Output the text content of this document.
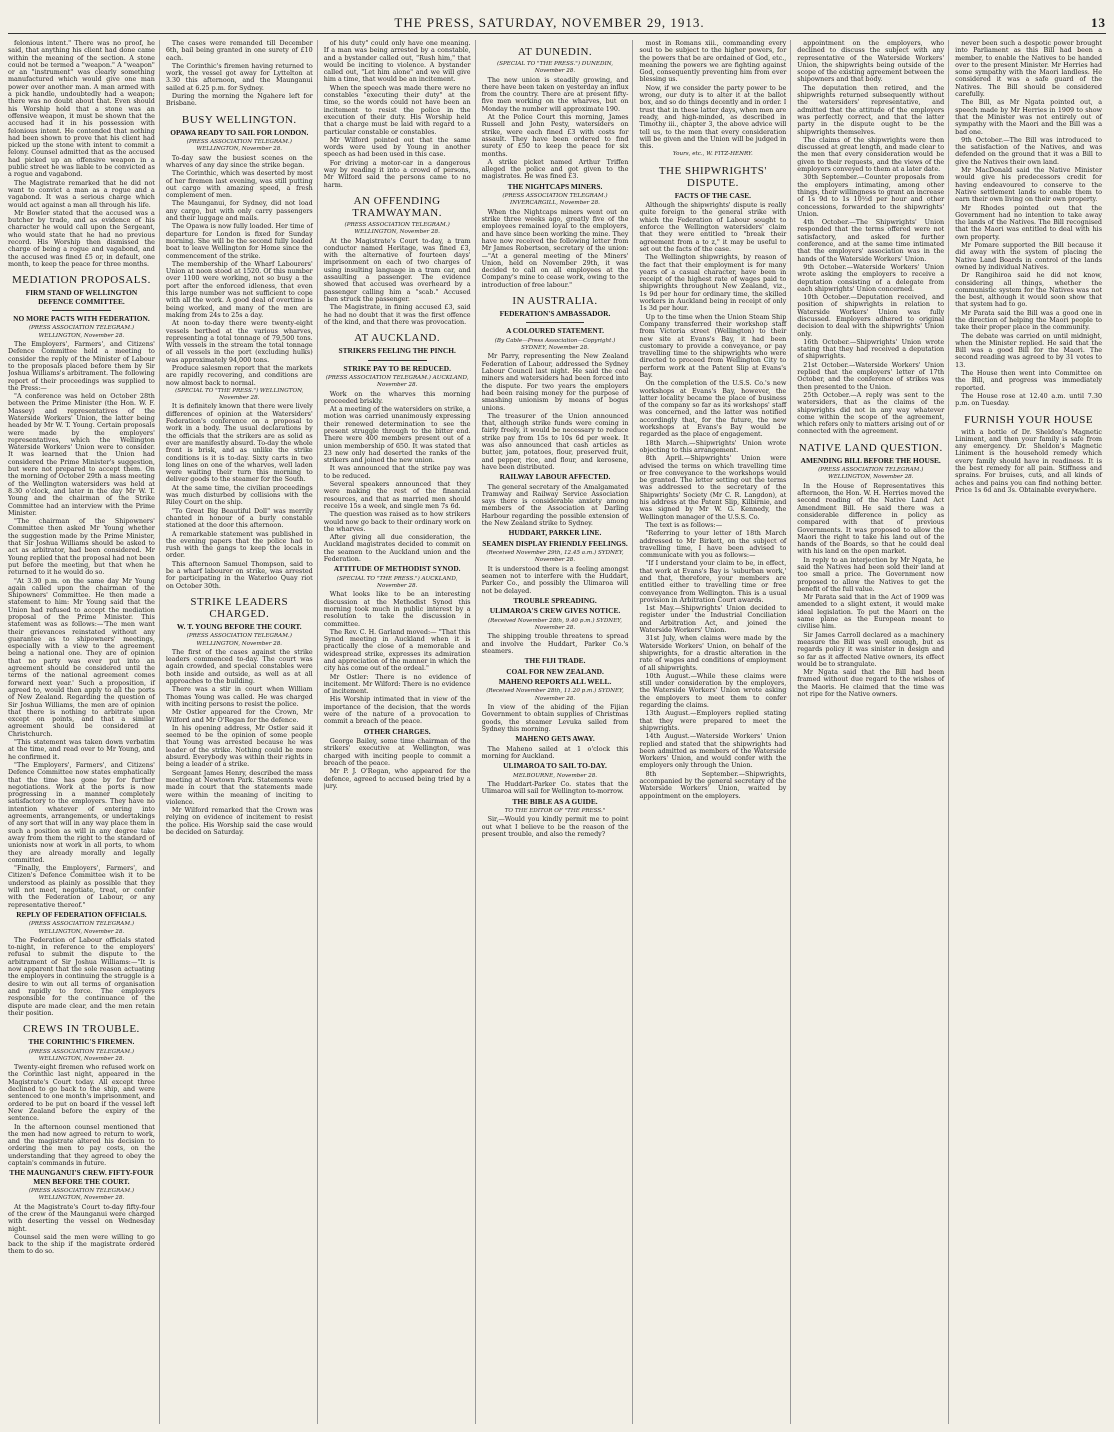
THE PRESS, SATURDAY, NOVEMBER 29, 1913.	13

felonious intent." There was no proof, he said, that anything his client had done came within the meaning of the section. A stone could not be termed a "weapon." A "weapon" or an "instrument" was clearly something manufactured which would give one man power over another man. A man armed with a pick handle, undoubtedly had a weapon; there was no doubt about that. Even should his Worship hold that a stone was an offensive weapon, it must be shown that the accused had it in his possession with felonious intent. He contended that nothing had been shown to prove that his client had picked up the stone with intent to commit a felony. Counsel admitted that as the accused had picked up an offensive weapon in a public street he was liable to be convicted as a rogue and vagabond.

The Magistrate remarked that he did not want to convict a man as a rogue and a vagabond. It was a serious charge which would act against a man all through his life.

Mr Bowler stated that the accused was a butcher by trade, and as evidence of his character he would call upon the Sergeant, who would state that he had no previous record. His Worship then dismissed the charge of being a rogue and vagabond, and the accused was fined £5 or, in default, one month, to keep the peace for three months.

MEDIATION PROPOSALS.
FIRM STAND OF WELLINGTON DEFENCE COMMITTEE.
NO MORE PACTS WITH FEDERATION.
(PRESS ASSOCIATION TELEGRAM.) WELLINGTON, November 28.

The Employers', Farmers', and Citizens' Defence Committee held a meeting to consider the reply of the Minister of Labour to the proposals placed before them by Sir Joshua Williams's arbitrament. The following report of their proceedings was supplied to the Press:—

"A conference was held on October 28th between the Prime Minister (the Hon. W. F. Massey) and representatives of the Waterside Workers' Union, the latter being headed by Mr W. T. Young. Certain proposals were made by the employers' representatives, which the Wellington Waterside Workers' Union were to consider. It was learned that the Union had considered the Prime Minister's suggestion, but were not prepared to accept them. On the morning of October 29th a mass meeting of the Wellington watersiders was held at 8.30 o'clock, and later in the day Mr W. T. Young and the chairman of the Strike Committee had an interview with the Prime Minister.

"The chairman of the Shipowners' Committee then asked Mr Young whether the suggestion made by the Prime Minister, that Sir Joshua Williams should be asked to act as arbitrator, had been considered. Mr Young replied that the proposal had not been put before the meeting, but that when he returned to it he would do so.

"At 3.30 p.m. on the same day Mr Young again called upon the chairman of the Shipowners' Committee. He then made a statement to him: Mr Young said that the Union had refused to accept the mediation proposal of the Prime Minister. This statement was as follows:—'The men want their grievances reinstated without any guarantee as to shipowners' meetings, especially with a view to the agreement being a national one. They are of opinion that no party was ever put into an agreement should be considered until the terms of the national agreement comes forward next year.' Such a proposition, if agreed to, would then apply to all the ports of New Zealand. Regarding the question of Sir Joshua Williams, the men are of opinion that there is nothing to arbitrate upon except on points, and that a similar agreement should be considered at Christchurch.

"This statement was taken down verbatim at the time, and read over to Mr Young, and he confirmed it.

"The Employers', Farmers', and Citizens' Defence Committee now states emphatically that the time has gone by for further negotiations. Work at the ports is now progressing in a manner completely satisfactory to the employers. They have no intention whatever of entering into agreements, arrangements, or undertakings of any sort that will in any way place them in such a position as will in any degree take away from them the right to the standard of unionists now at work in all ports, to whom they are already morally and legally committed.

"Finally, the Employers', Farmers', and Citizen's Defence Committee wish it to be understood as plainly as possible that they will not meet, negotiate, treat, or confer with the Federation of Labour, or any representative thereof."

REPLY OF FEDERATION OFFICIALS.
(PRESS ASSOCIATION TELEGRAM.) WELLINGTON, November 28.

The Federation of Labour officials stated to-night, in reference to the employers' refusal to submit the dispute to the arbitrament of Sir Joshua Williams:—"It is now apparent that the sole reason actuating the employers in continuing the struggle is a desire to win out all terms of organisation and rapidly to force. The employers responsible for the continuance of the dispute are made clear, and the men retain their position.

CREWS IN TROUBLE.
THE CORINTHIC'S FIREMEN.
(PRESS ASSOCIATION TELEGRAM.) WELLINGTON, November 28.

Twenty-eight firemen who refused work on the Corinthic last night, appeared in the Magistrate's Court today. All except three declined to go back to the ship, and were sentenced to one month's imprisonment, and ordered to be put on board if the vessel left New Zealand before the expiry of the sentence.

In the afternoon counsel mentioned that the men had now agreed to return to work, and the magistrate altered his decision to ordering the men to pay costs, on the understanding that they agreed to obey the captain's commands in future.

THE MAUNGANUI'S CREW. FIFTY-FOUR MEN BEFORE THE COURT.
(PRESS ASSOCIATION TELEGRAM.) WELLINGTON, November 28.

At the Magistrate's Court to-day fifty-four of the crew of the Maunganui were charged with deserting the vessel on Wednesday night.

Counsel said the men were willing to go back to the ship if the magistrate ordered them to do so.

The cases were remanded till December 6th, bail being granted in one surety of £10 each.

The Corinthic's firemen having returned to work, the vessel got away for Lyttelton at 3.30 this afternoon, and the Maunganui sailed at 6.25 p.m. for Sydney.

During the morning the Ngahere left for Brisbane.

BUSY WELLINGTON.
OPAWA READY TO SAIL FOR LONDON.
(PRESS ASSOCIATION TELEGRAM.) WELLINGTON, November 28.

To-day saw the busiest scenes on the wharves of any day since the strike began.

The Corinthic, which was deserted by most of her firemen last evening, was still putting out cargo with amazing speed, a fresh complement of men.

The Maunganui, for Sydney, did not load any cargo, but with only carry passengers and their luggage and mails.

The Opawa is now fully loaded. Her time of departure for London is fixed for Sunday morning. She will be the second fully loaded boat to leave Wellington for Home since the commencement of the strike.

The membership of the Wharf Labourers' Union at noon stood at 1520. Of this number over 1100 were working, not so busy a the port after the enforced idleness, that even this large number was not sufficient to cope with all the work. A good deal of overtime is being worked, and many of the men are making from 24s to 25s a day.

At noon to-day there were twenty-eight vessels berthed at the various wharves, representing a total tonnage of 79,500 tons. With vessels in the stream the total tonnage of all vessels in the port (excluding hulks) was approximately 94,000 tons.

Produce salesmen report that the markets are rapidly recovering, and conditions are now almost back to normal.

(SPECIAL TO "THE PRESS.") WELLINGTON, November 28.

It is definitely known that there were lively differences of opinion at the Watersiders' Federation's conference on a proposal to work in a body. The usual declarations by the officials that the strikers are as solid as ever are manifestly absurd. To-day the whole front is brisk, and as unlike the strike conditions is it is to-day. Sixty carts in two long lines on one of the wharves, well laden were waiting their turn this morning to deliver goods to the steamer for the South.

At the same time, the civilian proceedings was much disturbed by collisions with the Riley Court on the ship.

"To Great Big Beautiful Doll" was merrily chanted in honour of a burly constable stationed at the door this afternoon.

A remarkable statement was published in the evening papers that the police had to rush with the gangs to keep the locals in order.

This afternoon Samuel Thompson, said to be a wharf labourer on strike, was arrested for participating in the Waterloo Quay riot on October 30th.

STRIKE LEADERS CHARGED.
W. T. YOUNG BEFORE THE COURT.
(PRESS ASSOCIATION TELEGRAM.) WELLINGTON, November 28.

The first of the cases against the strike leaders commenced to-day. The court was again crowded, and special constables were both inside and outside, as well as at all approaches to the building.

There was a stir in court when William Thomas Young was called. He was charged with inciting persons to resist the police.

Mr Ostler appeared for the Crown, Mr Wilford and Mr O'Regan for the defence.

In his opening address, Mr Ostler said it seemed to be the opinion of some people that Young was arrested because he was leader of the strike. Nothing could be more absurd. Everybody was within their rights in being a leader of a strike.

Sergeant James Henry, described the mass meeting at Newtown Park. Statements were made in court that the statements made were within the meaning of inciting to violence.

Mr Wilford remarked that the Crown was relying on evidence of incitement to resist the police. His Worship said the case would be decided on Saturday.

of his duty" could only have one meaning. If a man was being arrested by a constable, and a bystander called out, "Rush him," that would be inciting to violence. A bystander called out, "Let him alone" and we will give him a time, that would be an incitement.

When the speech was made there were no constables "executing their duty" at the time, so the words could not have been an incitement to resist the police in the execution of their duty. His Worship held that a charge must be laid with regard to a particular constable or constables.

Mr Wilford pointed out that the same words were used by Young in another speech as had been used in this case.

For driving a motor-car in a dangerous way by reading it into a crowd of persons, Mr Wilford said the persons came to no harm.

AN OFFENDING TRAMWAYMAN.
(PRESS ASSOCIATION TELEGRAM.) WELLINGTON, November 28.

At the Magistrate's Court to-day, a tram conductor named Heritage, was fined £3, with the alternative of fourteen days' imprisonment on each of two charges of using insulting language in a tram car, and assaulting a passenger. The evidence showed that accused was overheard by a passenger calling him a "scab." Accused then struck the passenger.

The Magistrate, in fining accused £3, said he had no doubt that it was the first offence of the kind, and that there was provocation.

AT AUCKLAND.
STRIKERS FEELING THE PINCH.
STRIKE PAY TO BE REDUCED.
(PRESS ASSOCIATION TELEGRAM.) AUCKLAND, November 28.

Work on the wharves this morning proceeded briskly.

At a meeting of the watersiders on strike, a motion was carried unanimously expressing their renewed determination to see the present struggle through to the bitter end. There were 400 members present out of a union membership of 650. It was stated that 23 new only had deserted the ranks of the strikers and joined the new union.

It was announced that the strike pay was to be reduced.

Several speakers announced that they were making the rest of the financial resources, and that as married men should receive 15s a week, and single men 7s 6d.

The question was raised as to how strikers would now go back to their ordinary work on the wharves.

After giving all due consideration, the Auckland magistrates decided to commit on the seamen to the Auckland union and the Federation.

ATTITUDE OF METHODIST SYNOD.
(SPECIAL TO "THE PRESS.") AUCKLAND, November 28.

What looks like to be an interesting discussion at the Methodist Synod this morning took much in public interest by a resolution to take the discussion in committee.

The Rev. C. H. Garland moved:— "That this Synod meeting in Auckland when it is practically the close of a memorable and widespread strike, expresses its admiration and appreciation of the manner in which the city has come out of the ordeal."

Mr Ostler: There is no evidence of incitement. Mr Wilford: There is no evidence of incitement.

His Worship intimated that in view of the importance of the decision, that the words were of the nature of a provocation to commit a breach of the peace.

OTHER CHARGES.

George Bailey, some time chairman of the strikers' executive at Wellington, was charged with inciting people to commit a breach of the peace.

Mr P. J. O'Regan, who appeared for the defence, agreed to accused being tried by a jury.

AT DUNEDIN.
(SPECIAL TO "THE PRESS.") DUNEDIN, November 28.

The new union is steadily growing, and there have been taken on yesterday an influx from the country. There are at present fifty-five men working on the wharves, but on Monday the number will approximate 190.

At the Police Court this morning, James Russell and John Pesty, watersiders on strike, were each fined £3 with costs for assault. They have been ordered to find surety of £50 to keep the peace for six months.

A strike picket named Arthur Triffen alleged the police and got given to the magistrates. He was fined £3.

THE NIGHTCAPS MINERS.
(PRESS ASSOCIATION TELEGRAM.) INVERCARGILL, November 28.

When the Nightcaps miners went out on strike three weeks ago, greatly five of the employees remained loyal to the employers, and have since been working the mine. They have now received the following letter from Mr James Robertson, secretary of the union:—"At a general meeting of the Miners' Union, held on November 29th, it was decided to call on all employees at the Company's mine to cease work, owing to the introduction of free labour."

IN AUSTRALIA.
FEDERATION'S AMBASSADOR.
A COLOURED STATEMENT.
(By Cable—Press Association—Copyright.) SYDNEY, November 28.

Mr Parry, representing the New Zealand Federation of Labour, addressed the Sydney Labour Council last night. He said the coal miners and watersiders had been forced into the dispute. For two years the employers had been raising money for the purpose of smashing unionism by means of bogus unions.

The treasurer of the Union announced that, although strike funds were coming in fairly freely, it would be necessary to reduce strike pay from 15s to 10s 6d per week. It was also announced that cash articles as butter, jam, potatoes, flour, preserved fruit, and pepper, rice, and flour, and kerosene, have been distributed.

RAILWAY LABOUR AFFECTED.

The general secretary of the Amalgamated Tramway and Railway Service Association says there is considerable anxiety among members of the Association at Darling Harbour regarding the possible extension of the New Zealand strike to Sydney.

HUDDART, PARKER LINE.
SEAMEN DISPLAY FRIENDLY FEELINGS.
(Received November 29th, 12.45 a.m.) SYDNEY, November 28.

It is understood there is a feeling amongst seamen not to interfere with the Huddart, Parker Co., and possibly the Ulimaroa will not be delayed.

TROUBLE SPREADING.
ULIMAROA'S CREW GIVES NOTICE.
(Received November 28th, 9.40 p.m.) SYDNEY, November 28.

The shipping trouble threatens to spread and involve the Huddart, Parker Co.'s steamers.

THE FIJI TRADE.
COAL FOR NEW ZEALAND.
MAHENO REPORTS ALL WELL.
(Received November 28th, 11.20 p.m.) SYDNEY, November 28.

In view of the abiding of the Fijian Government to obtain supplies of Christmas goods, the steamer Levuka sailed from Sydney this morning.

MAHENO GETS AWAY.

The Maheno sailed at 1 o'clock this morning for Auckland.

ULIMAROA TO SAIL TO-DAY.
MELBOURNE, November 28.

The Huddart-Parker Co. states that the Ulimaroa will sail for Wellington to-morrow.

THE BIBLE AS A GUIDE.
TO THE EDITOR OF "THE PRESS."

Sir,—Would you kindly permit me to point out what I believe to be the reason of the present trouble, and also the remedy?

most in Romans xiii., commanding every soul to be subject to the higher powers, for the powers that be are ordained of God, etc., meaning the powers we are fighting against God, consequently preventing him from ever blessing us.

Now, if we consider the party power to be wrong, our duty is to alter it at the ballot box, and so do things decently and in order. I trust that in these latter days, when men are ready, and high-minded, as described in Timothy iii., chapter 3, the above advice will tell us, to the men that every consideration will be given and the Union will be judged in this.

Yours, etc., W. FITZ-HENRY.
THE SHIPWRIGHTS' DISPUTE.
FACTS OF THE CASE.

Although the shipwrights' dispute is really quite foreign to the general strike with which the Federation of Labour sought to enforce the Wellington watersiders' claim that they were entitled to "break their agreement from a to z," it may be useful to set out the facts of the case.

The Wellington shipwrights, by reason of the fact that their employment is for many years of a casual character, have been in receipt of the highest rate of wages paid to shipwrights throughout New Zealand, viz., 1s 9d per hour for ordinary time, the skilled workers in Auckland being in receipt of only 1s 3d per hour.

Up to the time when the Union Steam Ship Company transferred their workshop staff from Victoria street (Wellington) to their new site at Evans's Bay, it had been customary to provide a conveyance, or pay travelling time to the shipwrights who were directed to proceed from Wellington City to perform work at the Patent Slip at Evans's Bay.

On the completion of the U.S.S. Co.'s new workshops at Evans's Bay, however, the latter locality became the place of business of the company so far as its workshops' staff was concerned, and the latter was notified accordingly that, for the future, the new workshops at Evans's Bay would be regarded as the place of engagement.

18th March.—Shipwrights' Union wrote objecting to this arrangement.

8th April.—Shipwrights' Union were advised the terms on which travelling time or free conveyance to the workshops would be granted. The letter setting out the terms was addressed to the secretary of the Shipwrights' Society (Mr C. R. Langdon), at his address at the Patent Slip, Kilbirnie, and was signed by Mr W. G. Kennedy, the Wellington manager of the U.S.S. Co.

The text is as follows:—

"Referring to your letter of 18th March addressed to Mr Birkett, on the subject of travelling time, I have been advised to communicate with you as follows:—

"If I understand your claim to be, in effect, that work at Evans's Bay is 'suburban work,' and that, therefore, your members are entitled either to travelling time or free conveyance from Wellington. This is a usual provision in Arbitration Court awards.

1st May.—Shipwrights' Union decided to register under the Industrial Conciliation and Arbitration Act, and joined the Waterside Workers' Union.

31st July, when claims were made by the Waterside Workers' Union, on behalf of the shipwrights, for a drastic alteration in the rate of wages and conditions of employment of all shipwrights.

10th August.—While these claims were still under consideration by the employers, the Waterside Workers' Union wrote asking the employers to meet them to confer regarding the claims.

13th August.—Employers replied stating that they were prepared to meet the shipwrights.

14th August.—Waterside Workers' Union replied and stated that the shipwrights had been admitted as members of the Waterside Workers' Union, and would confer with the employers only through the Union.

8th September.—Shipwrights, accompanied by the general secretary of the Waterside Workers' Union, waited by appointment on the employers.

appointment on the employers, who declined to discuss the subject with any representative of the Waterside Workers' Union, the shipwrights being outside of the scope of the existing agreement between the shipowners and that body.

The deputation then retired, and the shipwrights returned subsequently without the watersiders' representative, and admitted that the attitude of the employers was perfectly correct, and that the latter party in the dispute ought to be the shipwrights themselves.

The claims of the shipwrights were then discussed at great length, and made clear to the men that every consideration would be given to their requests, and the views of the employers conveyed to them at a later date.

30th September.—Counter proposals from the employers intimating, among other things, their willingness to grant an increase of 1s 9d to 1s 10½d per hour and other concessions, forwarded to the shipwrights' Union.

4th October.—The Shipwrights' Union responded that the terms offered were not satisfactory, and asked for further conference, and at the same time intimated that the employers' association was in the hands of the Waterside Workers' Union.

9th October.—Waterside Workers' Union wrote asking the employers to receive a deputation consisting of a delegate from each shipwrights' Union concerned.

10th October.—Deputation received, and position of shipwrights in relation to Waterside Workers' Union was fully discussed. Employers adhered to original decision to deal with the shipwrights' Union only.

16th October.—Shipwrights' Union wrote stating that they had received a deputation of shipwrights.

21st October.—Waterside Workers' Union replied that the employers' letter of 17th October, and the conference of strikes was then presented to the Union.

25th October.—A reply was sent to the watersiders, that as the claims of the shipwrights did not in any way whatever come within the scope of the agreement, which refers only to matters arising out of or connected with the agreement.

NATIVE LAND QUESTION.
AMENDING BILL BEFORE THE HOUSE.
(PRESS ASSOCIATION TELEGRAM.) WELLINGTON, November 28.

In the House of Representatives this afternoon, the Hon. W. H. Herries moved the second reading of the Native Land Act Amendment Bill. He said there was a considerable difference in policy as compared with that of previous Governments. It was proposed to allow the Maori the right to take his land out of the hands of the Boards, so that he could deal with his land on the open market.

In reply to an interjection by Mr Ngata, he said the Natives had been sold their land at too small a price. The Government now proposed to allow the Natives to get the benefit of the full value.

Mr Parata said that in the Act of 1909 was amended to a slight extent, it would make ideal legislation. To put the Maori on the same plane as the European meant to civilise him.

Sir James Carroll declared as a machinery measure the Bill was well enough, but as regards policy it was sinister in design and so far as it affected Native owners, its effect would be to strangulate.

Mr Ngata said that the Bill had been framed without due regard to the wishes of the Maoris. He claimed that the time was not ripe for the Native owners.

never been such a despotic power brought into Parliament as this Bill had been a member, to enable the Natives to be handed over to the present Minister. Mr Herries had some sympathy with the Maori landless. He considered it was a safe guard of the Natives. The Bill should be considered carefully.

The Bill, as Mr Ngata pointed out, a speech made by Mr Herries in 1909 to show that the Minister was not entirely out of sympathy with the Maori and the Bill was a bad one.

9th October.—The Bill was introduced to the satisfaction of the Natives, and was defended on the ground that it was a Bill to give the Natives their own land.

Mr MacDonald said the Native Minister would give his predecessors credit for having endeavoured to conserve to the Native settlement lands to enable them to earn their own living on their own property.

Mr Rhodes pointed out that the Government had no intention to take away the lands of the Natives. The Bill recognised that the Maori was entitled to deal with his own property.

Mr Pomare supported the Bill because it did away with the system of placing the Native Land Boards in control of the lands owned by individual Natives.

Dr Rangihiroa said he did not know, considering all things, whether the communistic system for the Natives was not the best, although it would soon show that that system had to go.

Mr Parata said the Bill was a good one in the direction of helping the Maori people to take their proper place in the community.

The debate was carried on until midnight, when the Minister replied. He said that the Bill was a good Bill for the Maori. The second reading was agreed to by 31 votes to 13.

The House then went into Committee on the Bill, and progress was immediately reported.

The House rose at 12.40 a.m. until 7.30 p.m. on Tuesday.

FURNISH YOUR HOUSE

with a bottle of Dr. Sheldon's Magnetic Liniment, and then your family is safe from any emergency. Dr. Sheldon's Magnetic Liniment is the household remedy which every family should have in readiness. It is the best remedy for all pain. Stiffness and sprains. For bruises, cuts, and all kinds of aches and pains you can find nothing better. Price 1s 6d and 3s. Obtainable everywhere.
